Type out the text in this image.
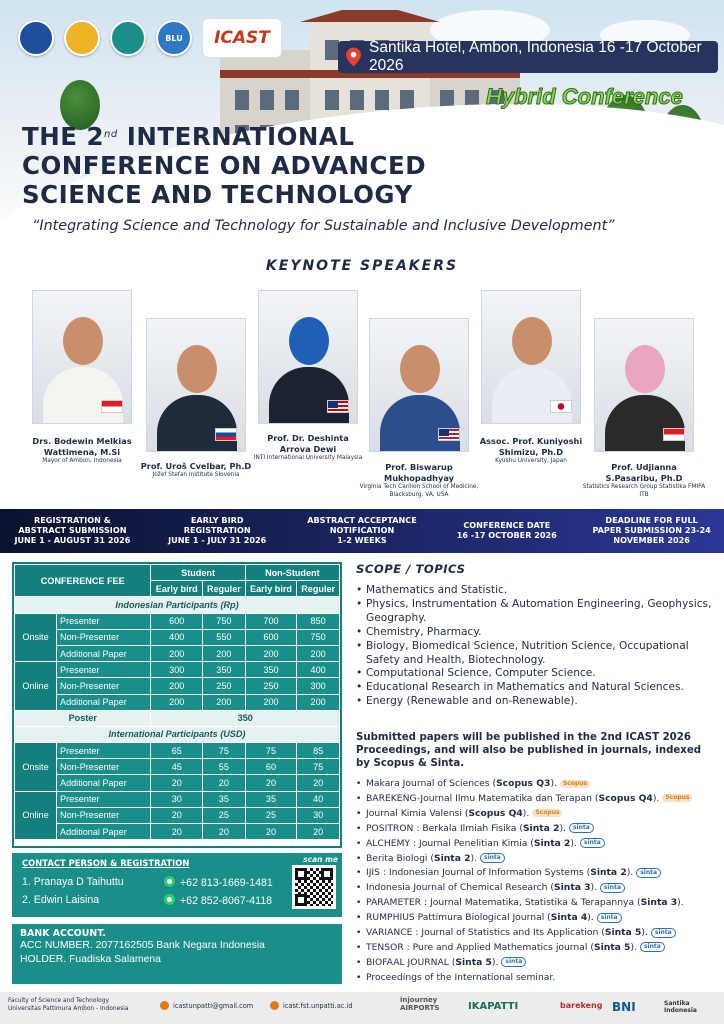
BLU	ICAST	Santika Hotel, Ambon, Indonesia 16 -17 October 2026
Hybrid Conference
THE 2nd INTERNATIONAL
CONFERENCE ON ADVANCED
SCIENCE AND TECHNOLOGY
“Integrating Science and Technology for Sustainable and Inclusive Development”
KEYNOTE SPEAKERS
Drs. Bodewin Melkias Wattimena, M.Si
Mayor of Ambon, Indonesia	Prof. Uroš Cvelbar, Ph.D
Jožef Stefan Institute Slovenia
Prof. Dr. Deshinta Arrova Dewi
INTI International University Malaysia
Prof. Biswarup Mukhopadhyay
Virginia Tech Carilion School of Medicine, Blacksburg, VA, USA
Assoc. Prof. Kuniyoshi Shimizu, Ph.D
Kyushu University, Japan
Prof. Udjianna S.Pasaribu, Ph.D
Statistics Research Group Statistika FMIPA ITB
REGISTRATION &
ABSTRACT SUBMISSION
JUNE 1 - AUGUST 31 2026
EARLY BIRD
REGISTRATION
JUNE 1 - JULY 31 2026
ABSTRACT ACCEPTANCE
NOTIFICATION
1-2 WEEKS
CONFERENCE DATE
16 -17 OCTOBER 2026
DEADLINE FOR FULL
PAPER SUBMISSION 23-24
NOVEMBER 2026
CONFERENCE FEE		Student		Non-Student	
		Early bird	Reguler	Early bird	Reguler
Indonesian Participants (Rp)					
Onsite	Presenter	600	750	700	850
	Non-Presenter	400	550	600	750
	Additional Paper	200	200	200	200
Online	Presenter	300	350	350	400
	Non-Presenter	200	250	250	300
	Additional Paper	200	200	200	200
Poster		350			
International Participants (USD)					
Onsite	Presenter	65	75	75	85
	Non-Presenter	45	55	60	75
	Additional Paper	20	20	20	20
Online	Presenter	30	35	35	40
	Non-Presenter	20	25	25	30
	Additional Paper	20	20	20	20
SCOPE / TOPICS
• Mathematics and Statistic.
• Physics, Instrumentation & Automation Engineering, Geophysics, Geography.
• Chemistry, Pharmacy.
• Biology, Biomedical Science, Nutrition Science, Occupational Safety and Health, Biotechnology.
• Computational Science, Computer Science.
• Educational Research in Mathematics and Natural Sciences.
• Energy (Renewable and on-Renewable).
Submitted papers will be published in the 2nd ICAST 2026 Proceedings, and will also be published in journals, indexed by Scopus & Sinta.
• Makara Journal of Sciences (Scopus Q3). Scopus
• BAREKENG-Journal Ilmu Matematika dan Terapan (Scopus Q4). Scopus
• Journal Kimia Valensi (Scopus Q4). Scopus
• POSITRON : Berkala Ilmiah Fisika (Sinta 2). sinta
• ALCHEMY : Journal Penelitian Kimia (Sinta 2). sinta
• Berita Biologi (Sinta 2). sinta
• IJIS : Indonesian Journal of Information Systems (Sinta 2). sinta
• Indonesia Journal of Chemical Research (Sinta 3). sinta
• PARAMETER : Journal Matematika, Statistika & Terapannya (Sinta 3).
• RUMPHIUS Pattimura Biological Journal (Sinta 4). sinta
• VARIANCE : Journal of Statistics and Its Application (Sinta 5). sinta
• TENSOR : Pure and Applied Mathematics journal (Sinta 5). sinta
• BIOFAAL JOURNAL (Sinta 5). sinta
• Proceedings of the International seminar.
CONTACT PERSON & REGISTRATION	scan me
1. Pranaya D Taihuttu	+62 813-1669-1481
2. Edwin Laisina	+62 852-8067-4118
BANK ACCOUNT.
ACC NUMBER. 2077162505 Bank Negara Indonesia
HOLDER. Fuadiska Salamena
Faculty of Science and Technology
Universitas Pattimura Ambon - Indonesia	icastunpatti@gmail.com	icast.fst.unpatti.ac.id
injourney AIRPORTS	IKAPATTI	barekeng BNI	Santika Indonesia
